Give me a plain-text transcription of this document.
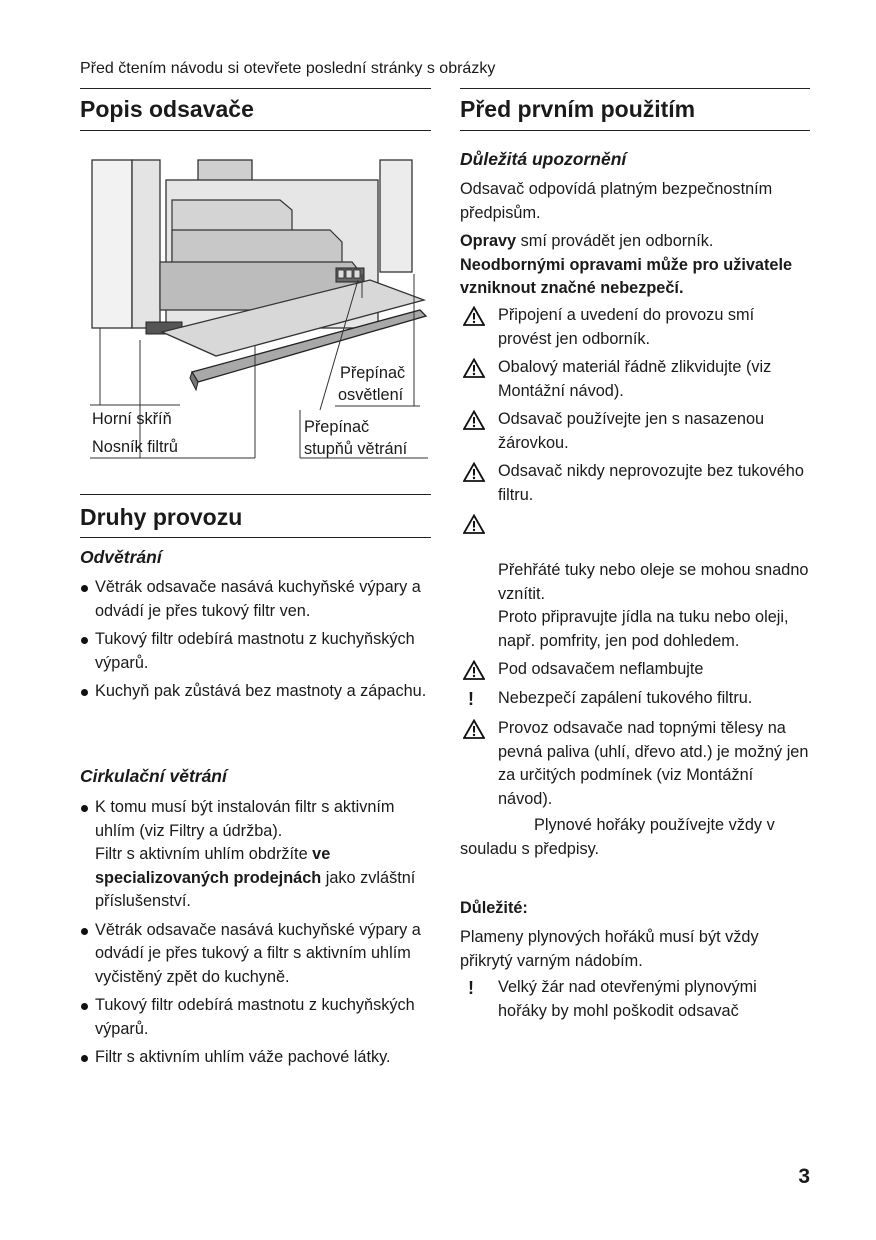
Před čtením návodu si otevřete poslední stránky s obrázky
Popis odsavače
Horní skříň
Nosník filtrů
Přepínač
osvětlení
Přepínač
stupňů větrání
Druhy provozu
Odvětrání
Větrák odsavače nasává kuchyňské výpary a odvádí je přes tukový filtr ven.
Tukový filtr odebírá mastnotu z kuchyňských výparů.
Kuchyň pak zůstává bez mastnoty a zápachu.
Cirkulační větrání
K tomu musí být instalován filtr s aktivním uhlím (viz Filtry a údržba).
Filtr s aktivním uhlím obdržíte ve specializovaných prodejnách jako zvláštní příslušenství.
Větrák odsavače nasává kuchyňské výpary a odvádí je přes tukový a filtr s aktivním uhlím vyčistěný zpět do kuchyně.
Tukový filtr odebírá mastnotu z kuchyňských výparů.
Filtr s aktivním uhlím váže pachové látky.
Před prvním použitím
Důležitá upozornění
Odsavač odpovídá platným bezpečnostním předpisům.
Opravy smí provádět jen odborník.
Neodbornými opravami může pro uživatele vzniknout značné nebezpečí.
Připojení a uvedení do provozu smí provést jen odborník.
Obalový materiál řádně zlikvidujte (viz Montážní návod).
Odsavač používejte jen s nasazenou žárovkou.
Odsavač nikdy neprovozujte bez tukového filtru.

Přehřáté tuky nebo oleje se mohou snadno vznítit.
Proto připravujte jídla na tuku nebo oleji, např. pomfrity, jen pod dohledem.

Pod odsavačem neflambujte
! Nebezpečí zapálení tukového filtru.
Provoz odsavače nad topnými tělesy na pevná paliva (uhlí, dřevo atd.) je možný jen za určitých podmínek (viz Montážní návod).
Plynové hořáky používejte vždy v souladu s předpisy.
Důležité:
Plameny plynových hořáků musí být vždy přikrytý varným nádobím.
! Velký žár nad otevřenými plynovými hořáky by mohl poškodit odsavač
3
